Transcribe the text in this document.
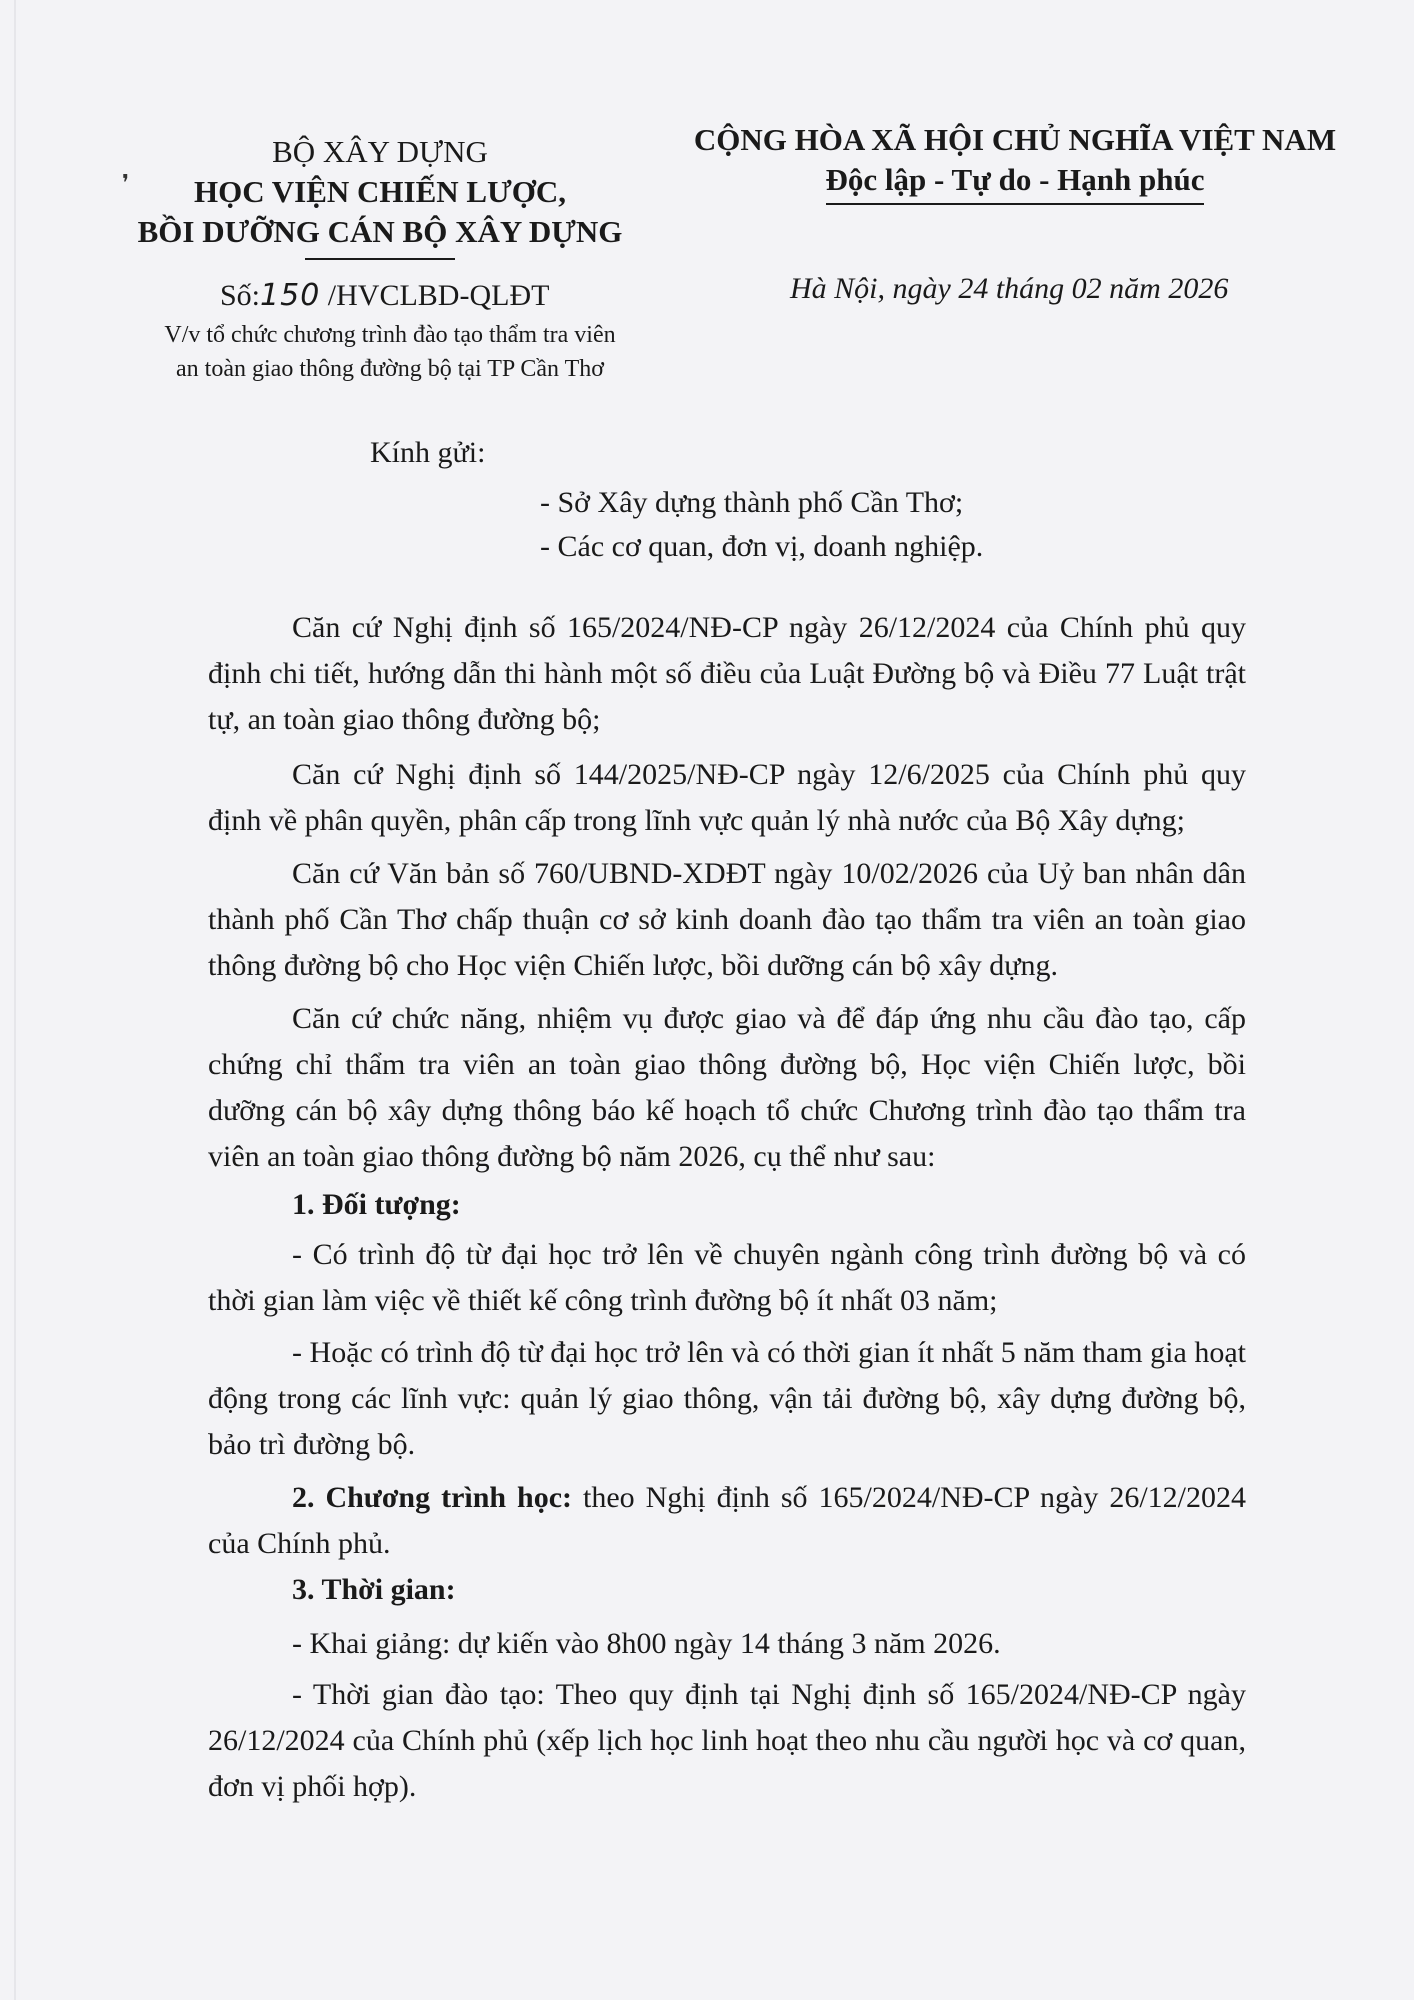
❜
BỘ XÂY DỰNG
HỌC VIỆN CHIẾN LƯỢC,
BỒI DƯỠNG CÁN BỘ XÂY DỰNG
CỘNG HÒA XÃ HỘI CHỦ NGHĨA VIỆT NAM
Độc lập - Tự do - Hạnh phúc
Số:150 /HVCLBD-QLĐT
V/v tổ chức chương trình đào tạo thẩm tra viên
an toàn giao thông đường bộ tại TP Cần Thơ
Hà Nội, ngày 24 tháng 02 năm 2026
Kính gửi:
- Sở Xây dựng thành phố Cần Thơ;
- Các cơ quan, đơn vị, doanh nghiệp.

Căn cứ Nghị định số 165/2024/NĐ-CP ngày 26/12/2024 của Chính phủ quy định chi tiết, hướng dẫn thi hành một số điều của Luật Đường bộ và Điều 77 Luật trật tự, an toàn giao thông đường bộ;

Căn cứ Nghị định số 144/2025/NĐ-CP ngày 12/6/2025 của Chính phủ quy định về phân quyền, phân cấp trong lĩnh vực quản lý nhà nước của Bộ Xây dựng;

Căn cứ Văn bản số 760/UBND-XDĐT ngày 10/02/2026 của Uỷ ban nhân dân thành phố Cần Thơ chấp thuận cơ sở kinh doanh đào tạo thẩm tra viên an toàn giao thông đường bộ cho Học viện Chiến lược, bồi dưỡng cán bộ xây dựng.

Căn cứ chức năng, nhiệm vụ được giao và để đáp ứng nhu cầu đào tạo, cấp chứng chỉ thẩm tra viên an toàn giao thông đường bộ, Học viện Chiến lược, bồi dưỡng cán bộ xây dựng thông báo kế hoạch tổ chức Chương trình đào tạo thẩm tra viên an toàn giao thông đường bộ năm 2026, cụ thể như sau:

1. Đối tượng:

- Có trình độ từ đại học trở lên về chuyên ngành công trình đường bộ và có thời gian làm việc về thiết kế công trình đường bộ ít nhất 03 năm;

- Hoặc có trình độ từ đại học trở lên và có thời gian ít nhất 5 năm tham gia hoạt động trong các lĩnh vực: quản lý giao thông, vận tải đường bộ, xây dựng đường bộ, bảo trì đường bộ.

2. Chương trình học: theo Nghị định số 165/2024/NĐ-CP ngày 26/12/2024 của Chính phủ.

3. Thời gian:

- Khai giảng: dự kiến vào 8h00 ngày 14 tháng 3 năm 2026.

- Thời gian đào tạo: Theo quy định tại Nghị định số 165/2024/NĐ-CP ngày 26/12/2024 của Chính phủ (xếp lịch học linh hoạt theo nhu cầu người học và cơ quan, đơn vị phối hợp).
